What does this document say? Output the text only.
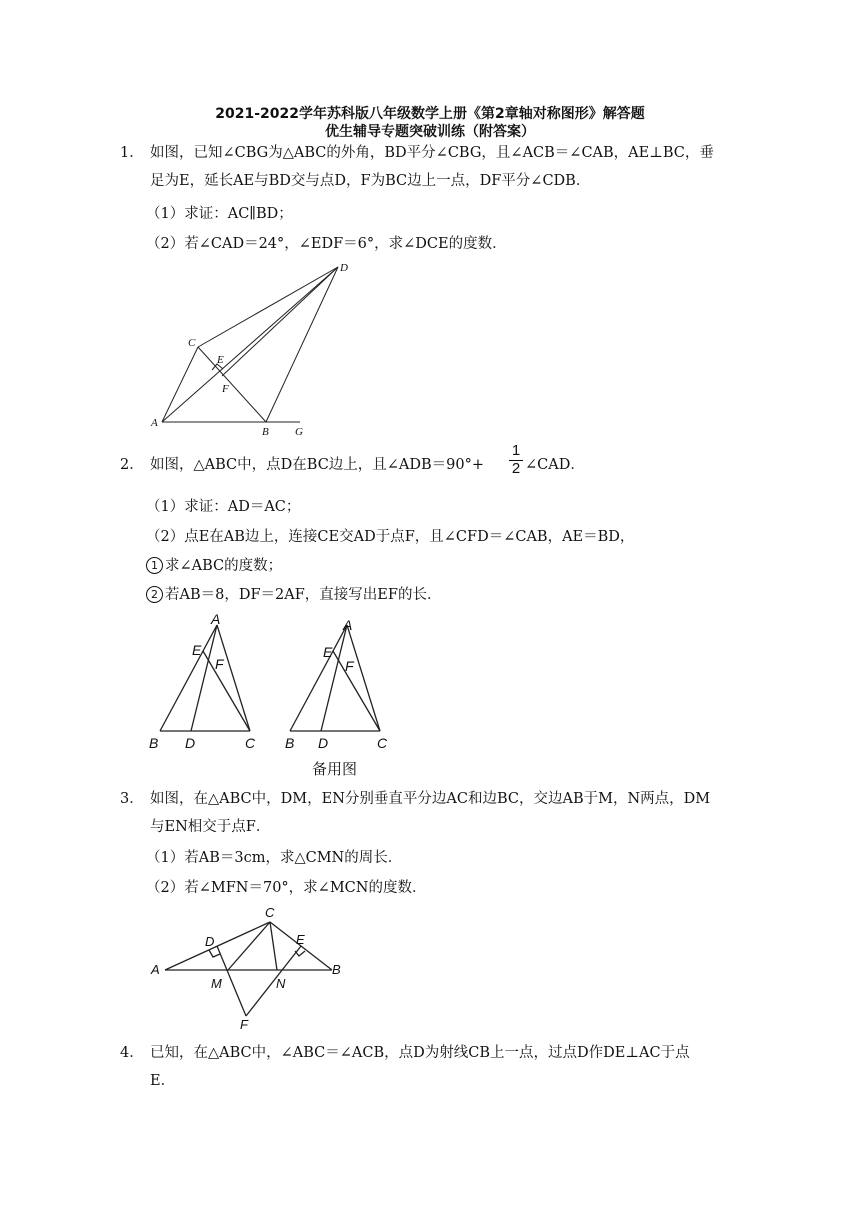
2021-2022学年苏科版八年级数学上册《第2章轴对称图形》解答题
优生辅导专题突破训练（附答案）
1． 如图，已知∠CBG为△ABC的外角，BD平分∠CBG，且∠ACB＝∠CAB，AE⊥BC，垂
足为E，延长AE与BD交与点D，F为BC边上一点，DF平分∠CDB．
（1）求证：AC∥BD；
（2）若∠CAD＝24°，∠EDF＝6°，求∠DCE的度数．
D
C
E
F
A
B G
2． 如图，△ABC中，点D在BC边上，且∠ADB＝90°+ $\frac{1}{2}$ ∠CAD．
（1）求证：AD＝AC；
（2）点E在AB边上，连接CE交AD于点F，且∠CFD＝∠CAB，AE＝BD，
1 求∠ABC的度数；
2 若AB＝8，DF＝2AF，直接写出EF的长．
A
E
F
B D	C
A
E
F
B D	C
备用图
3． 如图，在△ABC中，DM，EN分别垂直平分边AC和边BC，交边AB于M，N两点，DM
与EN相交于点F．
（1）若AB＝3cm，求△CMN的周长．
（2）若∠MFN＝70°，求∠MCN的度数．
C
D	E
A
M	N
B
F
4． 已知，在△ABC中，∠ABC＝∠ACB，点D为射线CB上一点，过点D作DE⊥AC于点
E．
